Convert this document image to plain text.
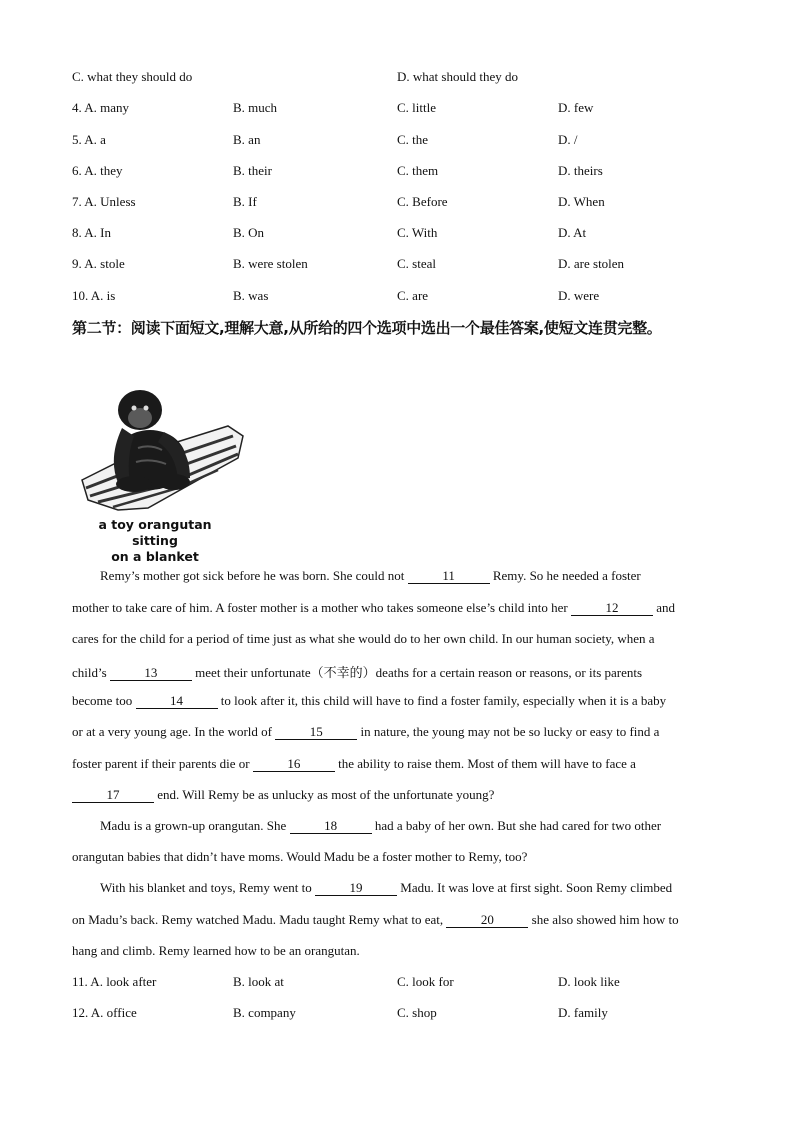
C. what they should do	D. what should they do
4. A. many	B. much	C. little	D. few
5. A. a	B. an	C. the	D. /
6. A. they	B. their	C. them	D. theirs
7. A. Unless	B. If	C. Before	D. When
8. A. In	B. On	C. With	D. At
9. A. stole	B. were stolen	C. steal	D. are stolen
10. A. is	B. was	C. are	D. were
第二节：阅读下面短文,理解大意,从所给的四个选项中选出一个最佳答案,使短文连贯完整。
a toy orangutan sitting
on a blanket
Remy’s mother got sick before he was born. She could not	11	Remy. So he needed a foster
mother to take care of him. A foster mother is a mother who takes someone else’s child into her	12	and
cares for the child for a period of time just as what she would do to her own child. In our human society, when a
child’s	13	meet their unfortunate（不幸的）deaths for a certain reason or reasons, or its parents
become too	14	to look after it, this child will have to find a foster family, especially when it is a baby
or at a very young age. In the world of	15	in nature, the young may not be so lucky or easy to find a
foster parent if their parents die or	16	the ability to raise them. Most of them will have to face a
17	end. Will Remy be as unlucky as most of the unfortunate young?
Madu is a grown-up orangutan. She	18	had a baby of her own. But she had cared for two other
orangutan babies that didn’t have moms. Would Madu be a foster mother to Remy, too?
With his blanket and toys, Remy went to	19	Madu. It was love at first sight. Soon Remy climbed
on Madu’s back. Remy watched Madu. Madu taught Remy what to eat,	20	she also showed him how to
hang and climb. Remy learned how to be an orangutan.
11. A. look after	B. look at	C. look for	D. look like
12. A. office	B. company	C. shop	D. family
